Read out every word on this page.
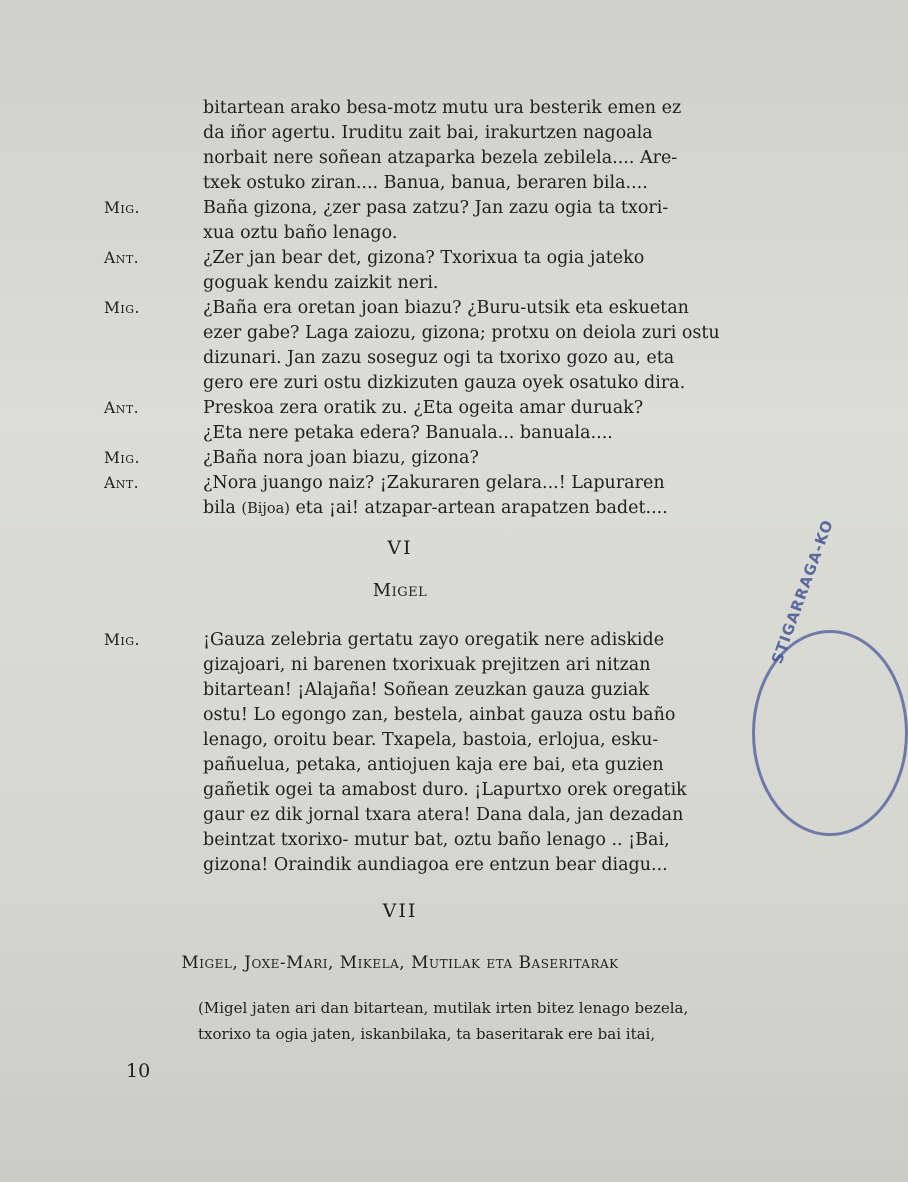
bitartean arako besa-motz mutu ura besterik emen ez
da iñor agertu. Iruditu zait bai, irakurtzen nagoala
norbait nere soñean atzaparka bezela zebilela.... Are-
txek ostuko ziran.... Banua, banua, beraren bila....
Mig.	Baña gizona, ¿zer pasa zatzu? Jan zazu ogia ta txori-
xua oztu baño lenago.
Ant.	¿Zer jan bear det, gizona? Txorixua ta ogia jateko
goguak kendu zaizkit neri.
Mig.	¿Baña era oretan joan biazu? ¿Buru-utsik eta eskuetan
ezer gabe? Laga zaiozu, gizona; protxu on deiola zuri ostu
dizunari. Jan zazu soseguz ogi ta txorixo gozo au, eta
gero ere zuri ostu dizkizuten gauza oyek osatuko dira.
Ant.	Preskoa zera oratik zu. ¿Eta ogeita amar duruak?
¿Eta nere petaka edera? Banuala... banuala....
Mig.	¿Baña nora joan biazu, gizona?
Ant.	¿Nora juango naiz? ¡Zakuraren gelara...! Lapuraren
bila (Bijoa) eta ¡ai! atzapar-artean arapatzen badet....
VI
Migel
Mig.	¡Gauza zelebria gertatu zayo oregatik nere adiskide
gizajoari, ni barenen txorixuak prejitzen ari nitzan
bitartean! ¡Alajaña! Soñean zeuzkan gauza guziak
ostu! Lo egongo zan, bestela, ainbat gauza ostu baño
lenago, oroitu bear. Txapela, bastoia, erlojua, esku-
pañuelua, petaka, antiojuen kaja ere bai, eta guzien
gañetik ogei ta amabost duro. ¡Lapurtxo orek oregatik
gaur ez dik jornal txara atera! Dana dala, jan dezadan
beintzat txorixo- mutur bat, oztu baño lenago .. ¡Bai,
gizona! Oraindik aundiagoa ere entzun bear diagu...
VII
Migel, Joxe-Mari, Mikela, Mutilak eta Baseritarak
(Migel jaten ari dan bitartean, mutilak irten bitez lenago bezela,
txorixo ta ogia jaten, iskanbilaka, ta baseritarak ere bai itai,
10
STIGARRAGA-KO
